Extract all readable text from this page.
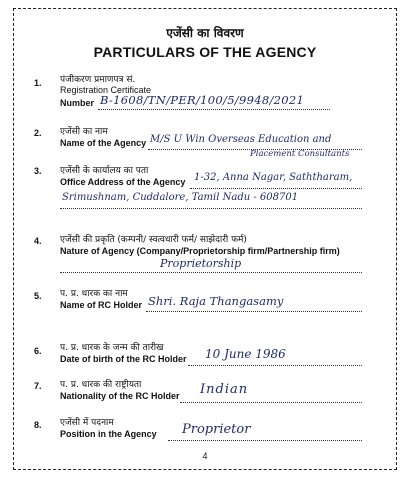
एजेंसी का विवरण
PARTICULARS OF THE AGENCY
1. पंजीकरण प्रमाणपत्र सं.
Registration Certificate
Number B-1608/TN/PER/100/5/9948/2021
2. एजेंसी का नाम
Name of the Agency M/S U Win Overseas Education and
Placement Consultants
3. एजेंसी के कार्यालय का पता
Office Address of the Agency 1-32, Anna Nagar, Saththaram,
Srimushnam, Cuddalore, Tamil Nadu - 608701
4. एजेंसी की प्रकृति (कम्पनी/ स्वत्वधारी फर्म/ साझेदारी फर्म)
Nature of Agency (Company/Proprietorship firm/Partnership firm)
Proprietorship
5. प. प्र. धारक का नाम
Name of RC Holder Shri. Raja Thangasamy
6. प. प्र. धारक के जन्म की तारीख
Date of birth of the RC Holder 10 June 1986
7. प. प्र. धारक की राष्ट्रीयता
Nationality of the RC Holder Indian
8. एजेंसी में पदनाम
Position in the Agency Proprietor
4
